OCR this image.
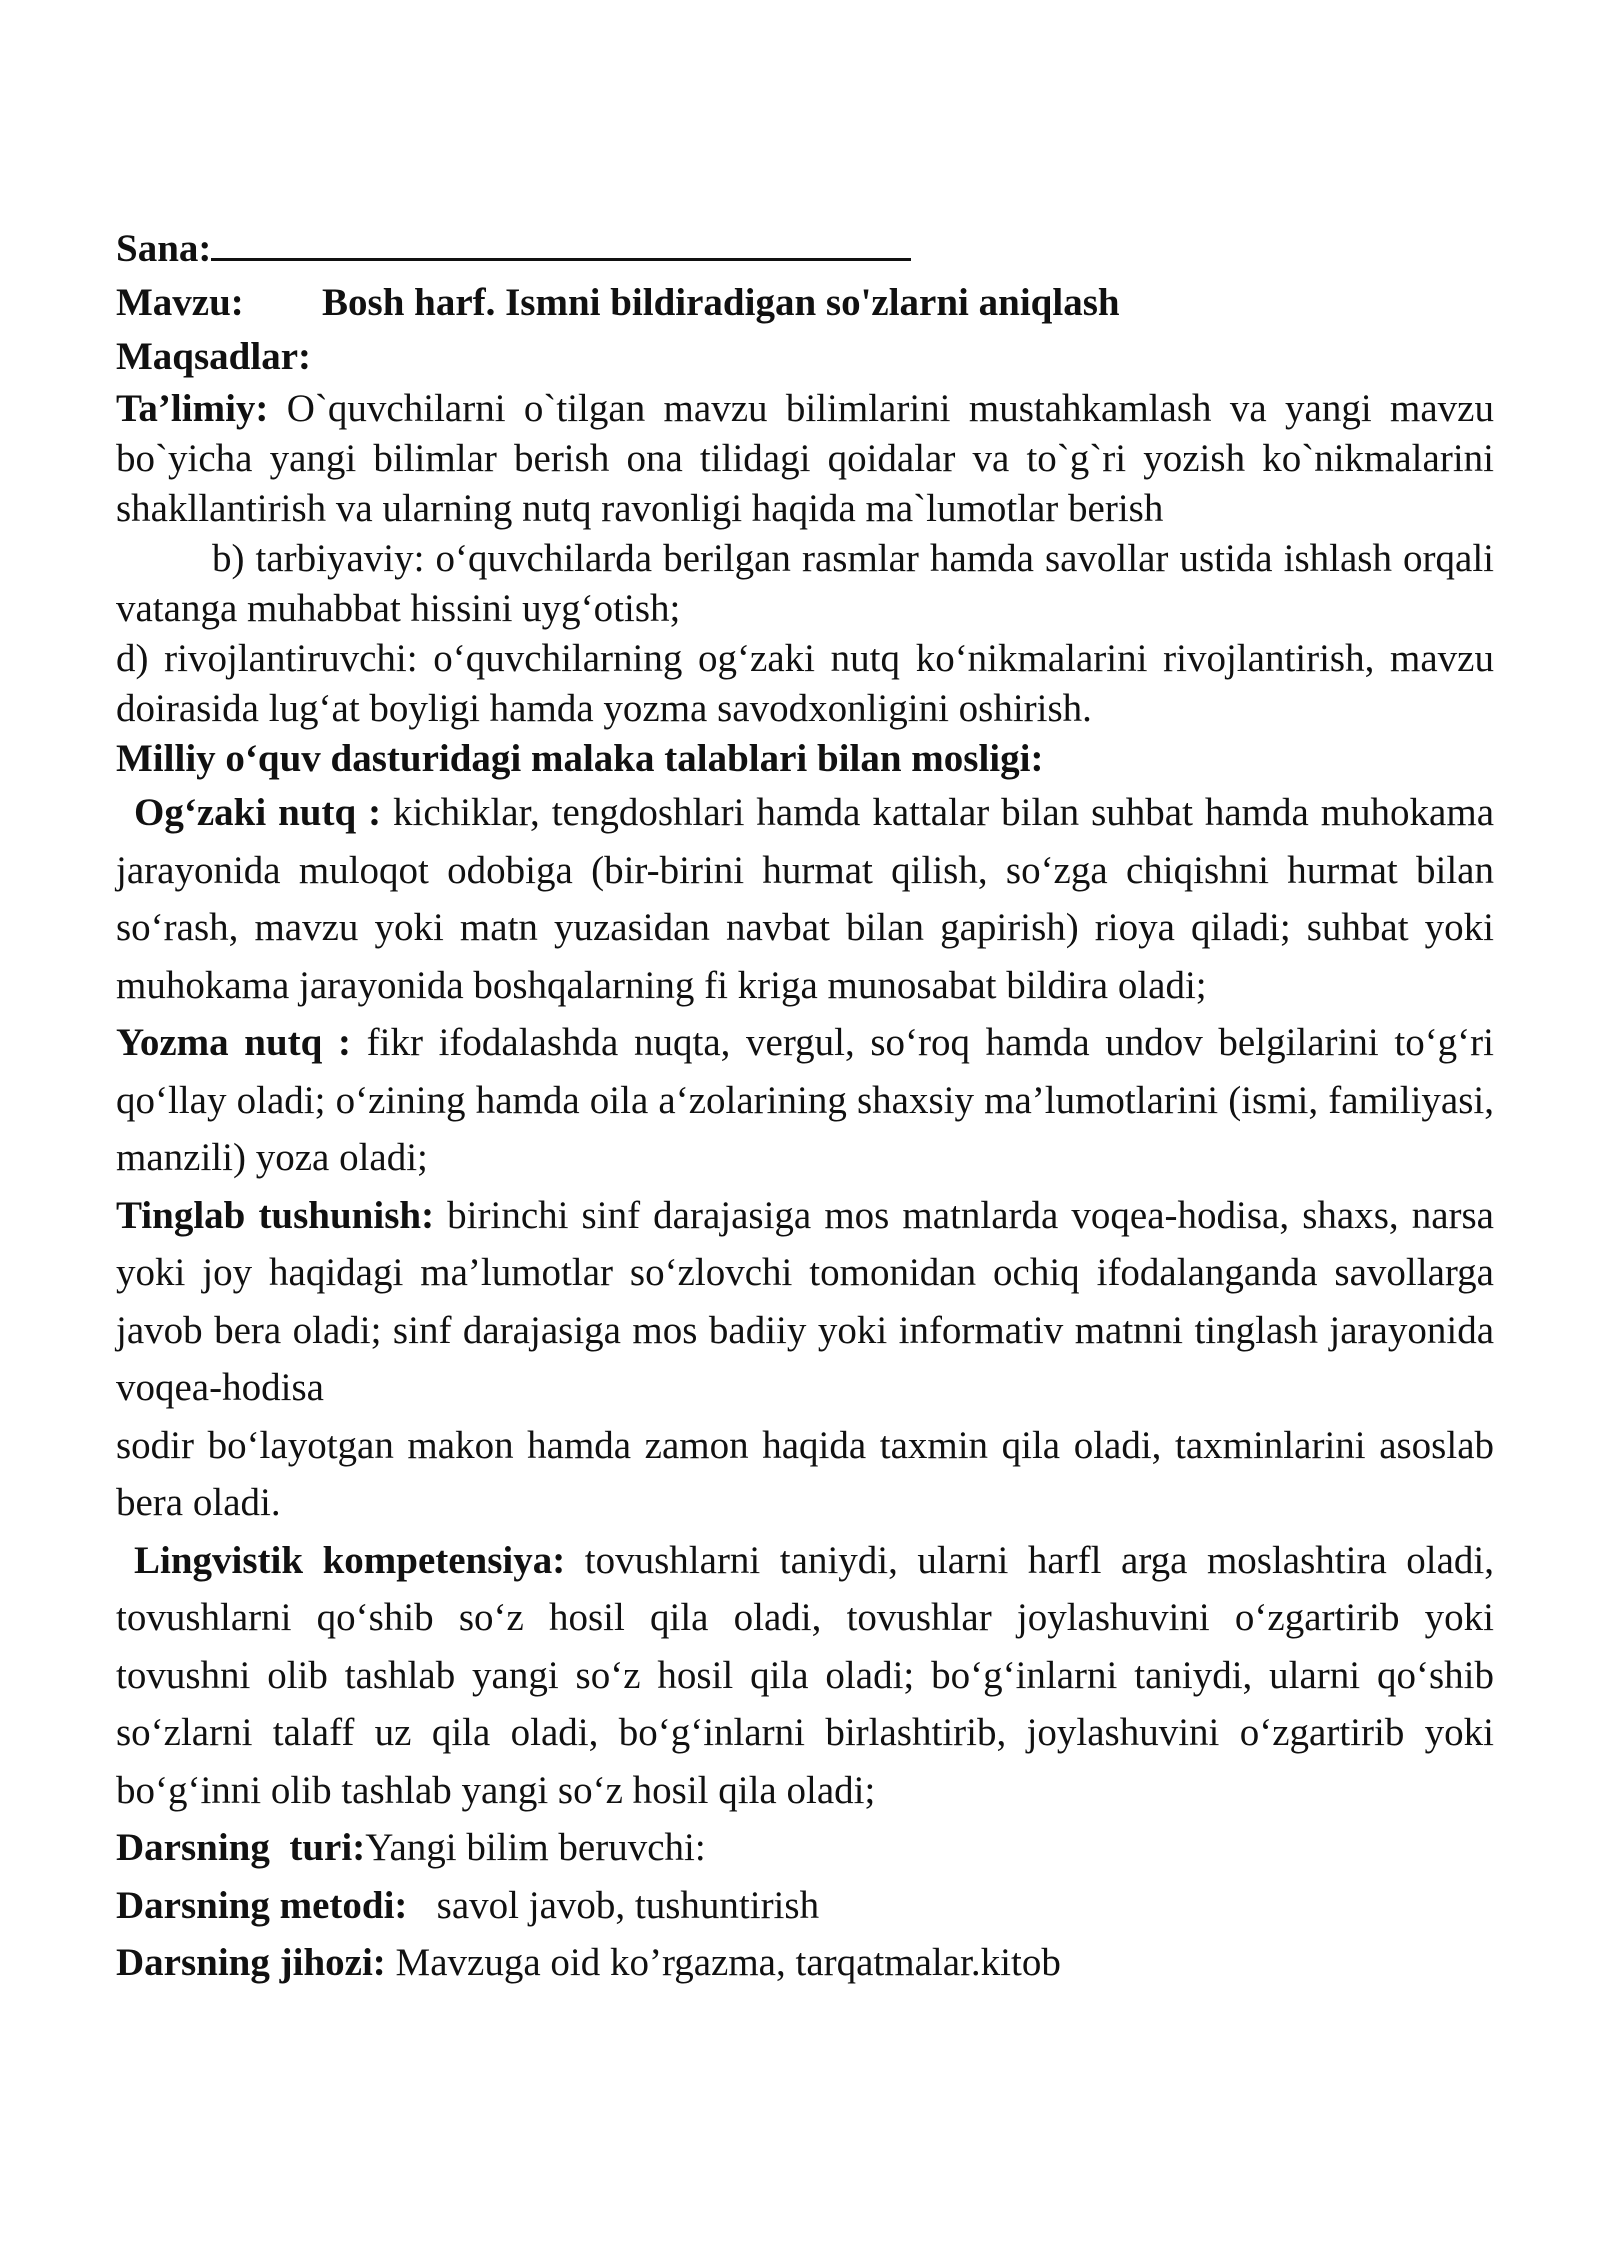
Sana:

Mavzu: Bosh harf. Ismni bildiradigan so'zlarni aniqlash

Maqsadlar:

Ta’limiy: O`quvchilarni o`tilgan mavzu bilimlarini mustahkamlash va yangi mavzu bo`yicha yangi bilimlar berish ona tilidagi qoidalar va to`g`ri yozish ko`nikmalarini shakllantirish va ularning nutq ravonligi haqida ma`lumotlar berish

b) tarbiyaviy: o‘quvchilarda berilgan rasmlar hamda savollar ustida ishlash orqali vatanga muhabbat hissini uyg‘otish;

d) rivojlantiruvchi: o‘quvchilarning og‘zaki nutq ko‘nikmalarini rivojlantirish, mavzu doirasida lug‘at boyligi hamda yozma savodxonligini oshirish.

Milliy o‘quv dasturidagi malaka talablari bilan mosligi:

Og‘zaki nutq : kichiklar, tengdoshlari hamda kattalar bilan suhbat hamda muhokama jarayonida muloqot odobiga (bir-birini hurmat qilish, so‘zga chiqishni hurmat bilan so‘rash, mavzu yoki matn yuzasidan navbat bilan gapirish) rioya qiladi; suhbat yoki muhokama jarayonida boshqalarning fi kriga munosabat bildira oladi;

Yozma nutq : fikr ifodalashda nuqta, vergul, so‘roq hamda undov belgilarini to‘g‘ri qo‘llay oladi; o‘zining hamda oila a‘zolarining shaxsiy ma’lumotlarini (ismi, familiyasi, manzili) yoza oladi;

Tinglab tushunish: birinchi sinf darajasiga mos matnlarda voqea-hodisa, shaxs, narsa yoki joy haqidagi ma’lumotlar so‘zlovchi tomonidan ochiq ifodalanganda savollarga javob bera oladi; sinf darajasiga mos badiiy yoki informativ matnni tinglash jarayonida voqea-hodisa

sodir bo‘layotgan makon hamda zamon haqida taxmin qila oladi, taxminlarini asoslab bera oladi.

Lingvistik kompetensiya: tovushlarni taniydi, ularni harfl arga moslashtira oladi, tovushlarni qo‘shib so‘z hosil qila oladi, tovushlar joylashuvini o‘zgartirib yoki tovushni olib tashlab yangi so‘z hosil qila oladi; bo‘g‘inlarni taniydi, ularni qo‘shib so‘zlarni talaff uz qila oladi, bo‘g‘inlarni birlashtirib, joylashuvini o‘zgartirib yoki bo‘g‘inni olib tashlab yangi so‘z hosil qila oladi;

Darsning  turi:Yangi bilim beruvchi:

Darsning metodi:   savol javob, tushuntirish

Darsning jihozi: Mavzuga oid ko’rgazma, tarqatmalar.kitob
